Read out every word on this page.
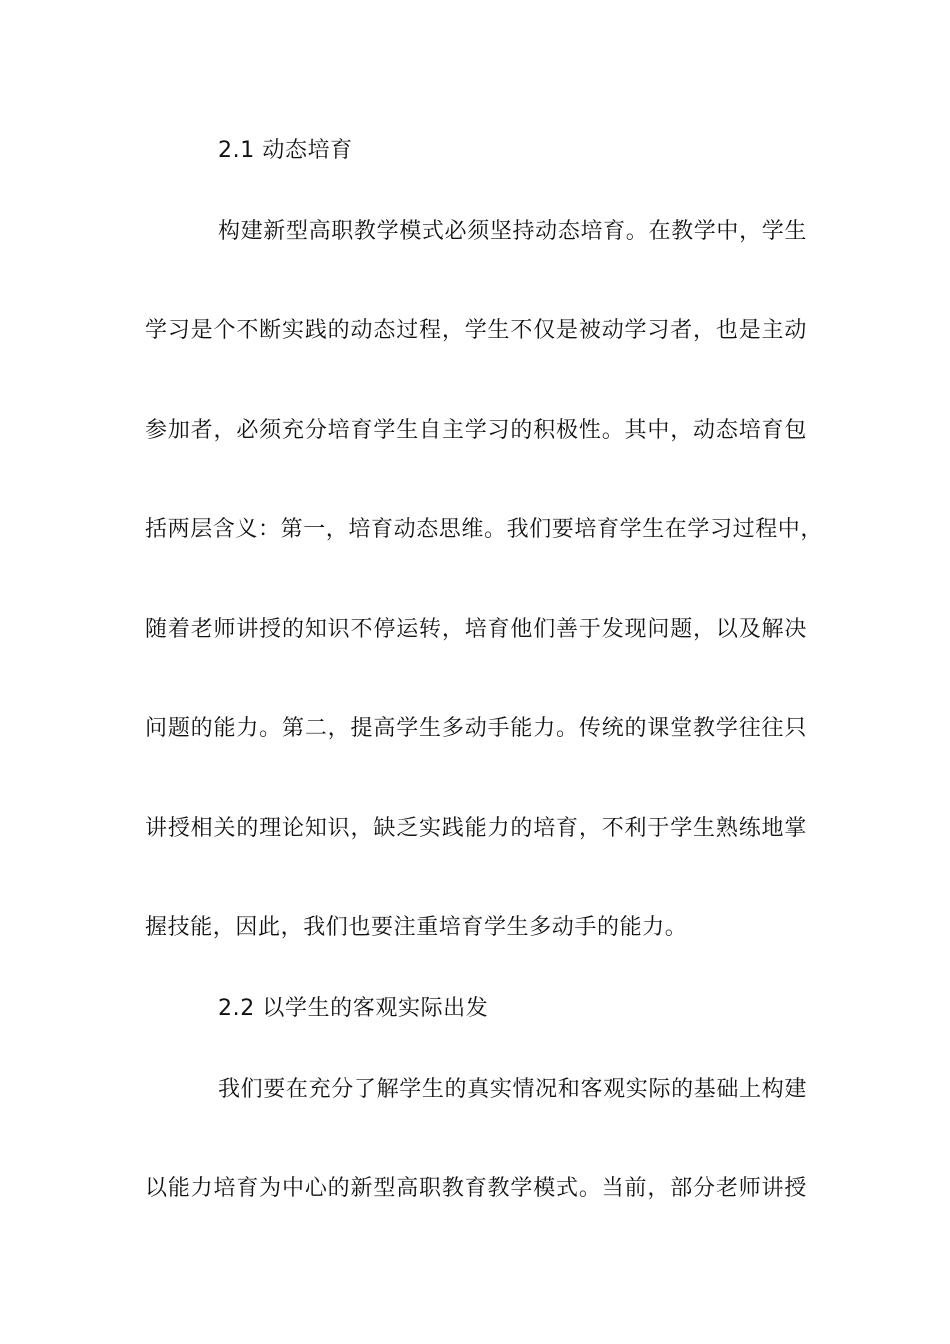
2.1 动态培育
构建新型高职教学模式必须坚持动态培育。在教学中，学生
学习是个不断实践的动态过程，学生不仅是被动学习者，也是主动
参加者，必须充分培育学生自主学习的积极性。其中，动态培育包
括两层含义：第一，培育动态思维。我们要培育学生在学习过程中，
随着老师讲授的知识不停运转，培育他们善于发现问题，以及解决
问题的能力。第二，提高学生多动手能力。传统的课堂教学往往只
讲授相关的理论知识，缺乏实践能力的培育，不利于学生熟练地掌
握技能，因此，我们也要注重培育学生多动手的能力。
2.2 以学生的客观实际出发
我们要在充分了解学生的真实情况和客观实际的基础上构建
以能力培育为中心的新型高职教育教学模式。当前，部分老师讲授
